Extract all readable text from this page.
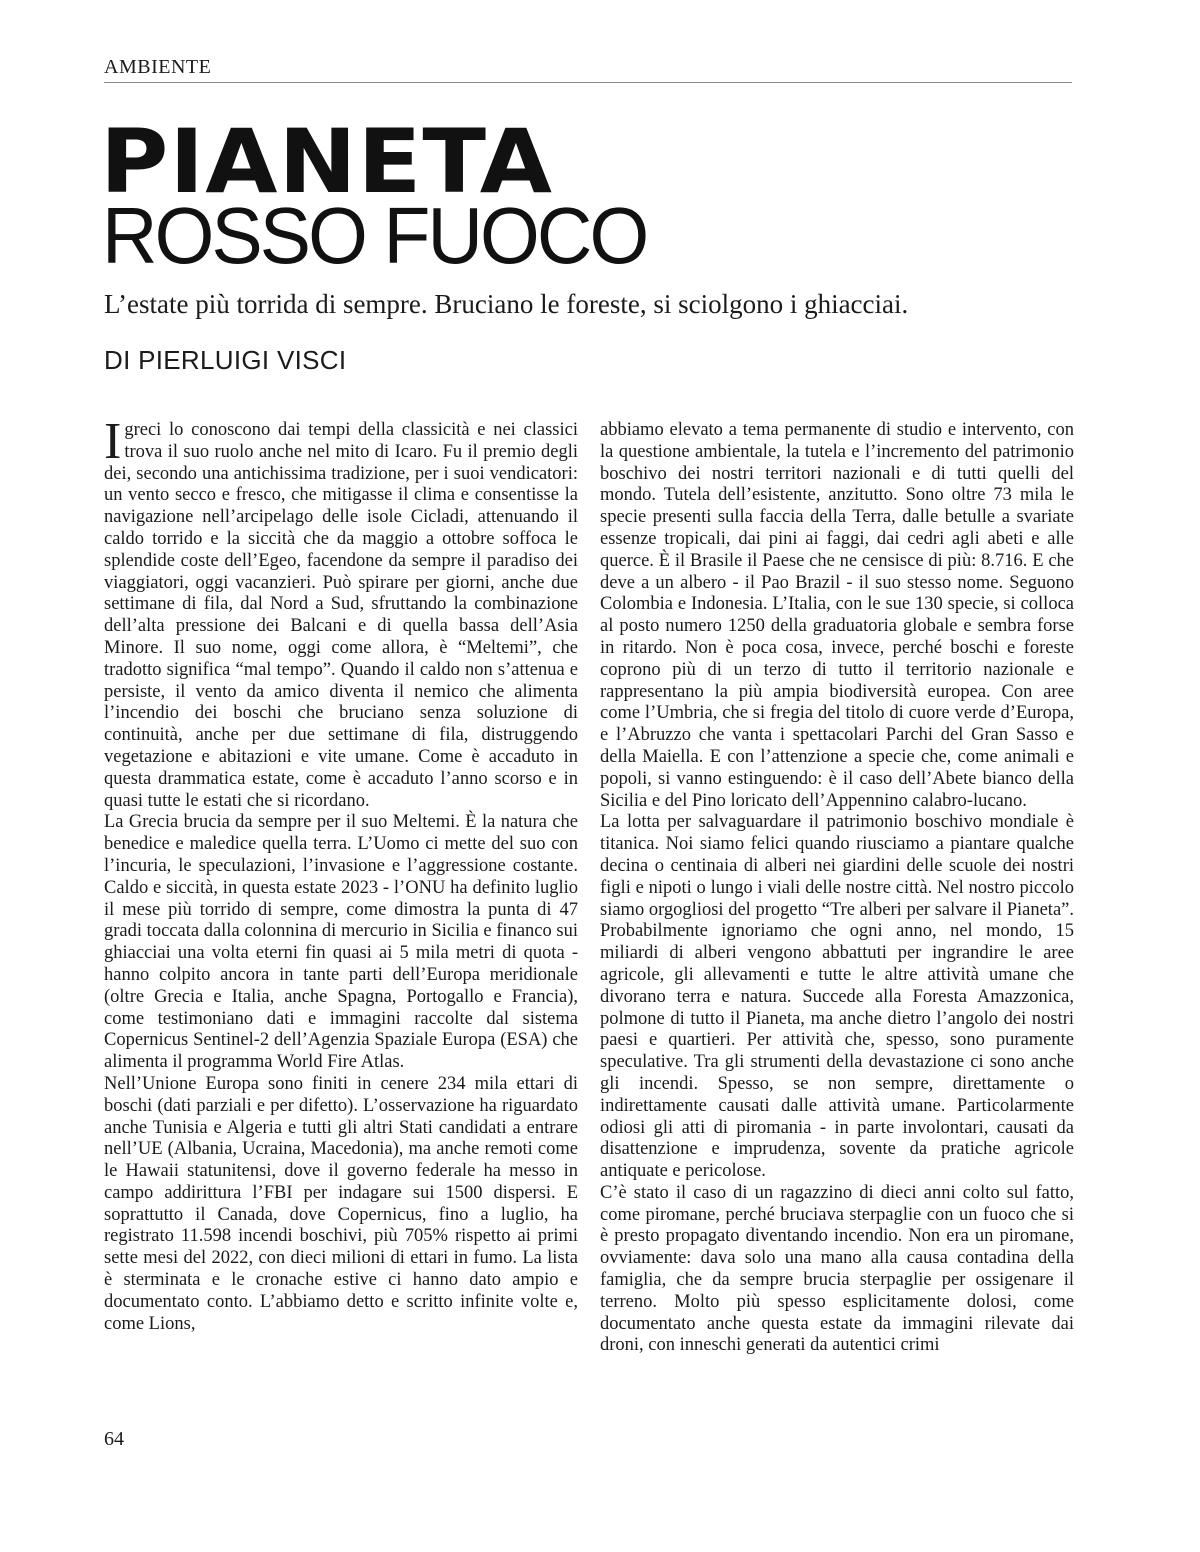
AMBIENTE
PIANETA
ROSSO FUOCO
L’estate più torrida di sempre. Bruciano le foreste, si sciolgono i ghiacciai.
DI PIERLUIGI VISCI

Igreci lo conoscono dai tempi della classicità e nei classici trova il suo ruolo anche nel mito di Icaro. Fu il premio degli dei, secondo una antichissima tradizione, per i suoi vendicatori: un vento secco e fresco, che mitigasse il clima e consentisse la navigazione nell’arcipelago delle isole Cicladi, attenuando il caldo torrido e la siccità che da maggio a ottobre soffoca le splendide coste dell’Egeo, facendone da sempre il paradiso dei viaggiatori, oggi vacanzieri. Può spirare per giorni, anche due settimane di fila, dal Nord a Sud, sfruttando la combinazione dell’alta pressione dei Balcani e di quella bassa dell’Asia Minore. Il suo nome, oggi come allora, è “Meltemi”, che tradotto significa “mal tempo”. Quando il caldo non s’attenua e persiste, il vento da amico diventa il nemico che alimenta l’incendio dei boschi che bruciano senza soluzione di continuità, anche per due settimane di fila, distruggendo vegetazione e abitazioni e vite umane. Come è accaduto in questa drammatica estate, come è accaduto l’anno scorso e in quasi tutte le estati che si ricordano.

La Grecia brucia da sempre per il suo Meltemi. È la natura che benedice e maledice quella terra. L’Uomo ci mette del suo con l’incuria, le speculazioni, l’invasione e l’aggressione costante. Caldo e siccità, in questa estate 2023 - l’ONU ha definito luglio il mese più torrido di sempre, come dimostra la punta di 47 gradi toccata dalla colonnina di mercurio in Sicilia e financo sui ghiacciai una volta eterni fin quasi ai 5 mila metri di quota - hanno colpito ancora in tante parti dell’Europa meridionale (oltre Grecia e Italia, anche Spagna, Portogallo e Francia), come testimoniano dati e immagini raccolte dal sistema Copernicus Sentinel-2 dell’Agenzia Spaziale Europa (ESA) che alimenta il programma World Fire Atlas.

Nell’Unione Europa sono finiti in cenere 234 mila ettari di boschi (dati parziali e per difetto). L’osservazione ha riguardato anche Tunisia e Algeria e tutti gli altri Stati candidati a entrare nell’UE (Albania, Ucraina, Macedonia), ma anche remoti come le Hawaii statunitensi, dove il governo federale ha messo in campo addirittura l’FBI per indagare sui 1500 dispersi. E soprattutto il Canada, dove Copernicus, fino a luglio, ha registrato 11.598 incendi boschivi, più 705% rispetto ai primi sette mesi del 2022, con dieci milioni di ettari in fumo. La lista è sterminata e le cronache estive ci hanno dato ampio e documentato conto. L’abbiamo detto e scritto infinite volte e, come Lions,

abbiamo elevato a tema permanente di studio e intervento, con la questione ambientale, la tutela e l’incremento del patrimonio boschivo dei nostri territori nazionali e di tutti quelli del mondo. Tutela dell’esistente, anzitutto. Sono oltre 73 mila le specie presenti sulla faccia della Terra, dalle betulle a svariate essenze tropicali, dai pini ai faggi, dai cedri agli abeti e alle querce. È il Brasile il Paese che ne censisce di più: 8.716. E che deve a un albero - il Pao Brazil - il suo stesso nome. Seguono Colombia e Indonesia. L’Italia, con le sue 130 specie, si colloca al posto numero 1250 della graduatoria globale e sembra forse in ritardo. Non è poca cosa, invece, perché boschi e foreste coprono più di un terzo di tutto il territorio nazionale e rappresentano la più ampia biodiversità europea. Con aree come l’Umbria, che si fregia del titolo di cuore verde d’Europa, e l’Abruzzo che vanta i spettacolari Parchi del Gran Sasso e della Maiella. E con l’attenzione a specie che, come animali e popoli, si vanno estinguendo: è il caso dell’Abete bianco della Sicilia e del Pino loricato dell’Appennino calabro-lucano.

La lotta per salvaguardare il patrimonio boschivo mondiale è titanica. Noi siamo felici quando riusciamo a piantare qualche decina o centinaia di alberi nei giardini delle scuole dei nostri figli e nipoti o lungo i viali delle nostre città. Nel nostro piccolo siamo orgogliosi del progetto “Tre alberi per salvare il Pianeta”. Probabilmente ignoriamo che ogni anno, nel mondo, 15 miliardi di alberi vengono abbattuti per ingrandire le aree agricole, gli allevamenti e tutte le altre attività umane che divorano terra e natura. Succede alla Foresta Amazzonica, polmone di tutto il Pianeta, ma anche dietro l’angolo dei nostri paesi e quartieri. Per attività che, spesso, sono puramente speculative. Tra gli strumenti della devastazione ci sono anche gli incendi. Spesso, se non sempre, direttamente o indirettamente causati dalle attività umane. Particolarmente odiosi gli atti di piromania - in parte involontari, causati da disattenzione e imprudenza, sovente da pratiche agricole antiquate e pericolose.

C’è stato il caso di un ragazzino di dieci anni colto sul fatto, come piromane, perché bruciava sterpaglie con un fuoco che si è presto propagato diventando incendio. Non era un piromane, ovviamente: dava solo una mano alla causa contadina della famiglia, che da sempre brucia sterpaglie per ossigenare il terreno. Molto più spesso esplicitamente dolosi, come documentato anche questa estate da immagini rilevate dai droni, con inneschi generati da autentici crimi

64
